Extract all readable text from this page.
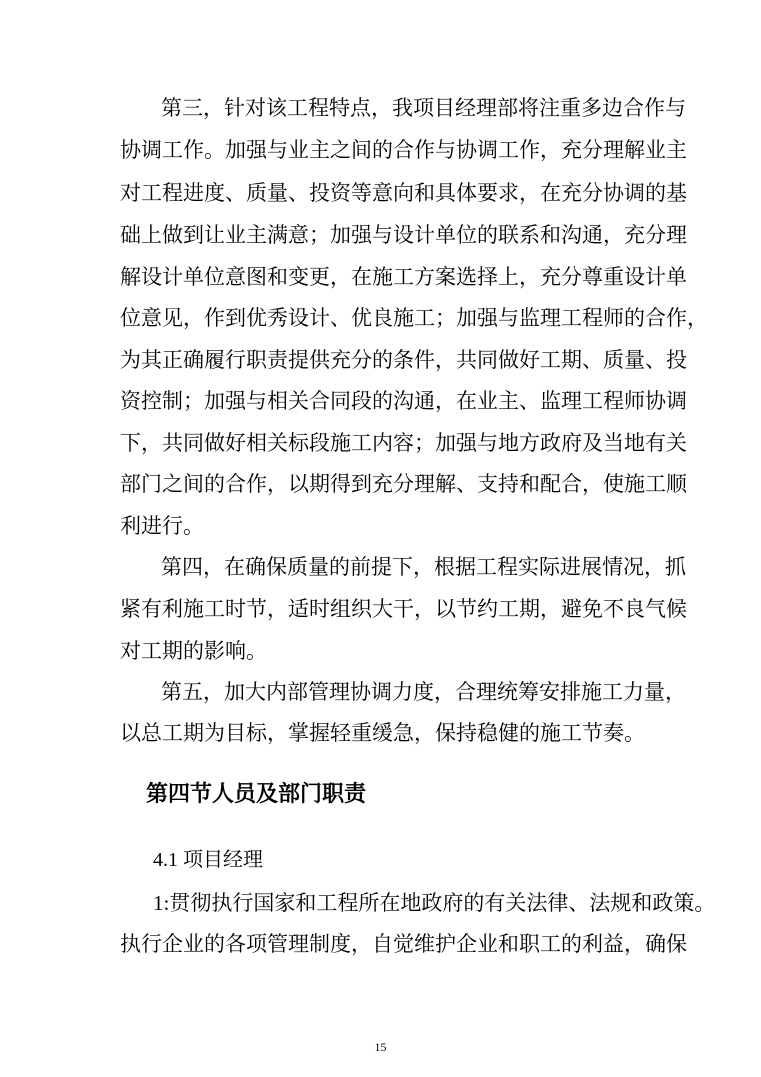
第三，针对该工程特点，我项目经理部将注重多边合作与
协调工作。加强与业主之间的合作与协调工作，充分理解业主
对工程进度、质量、投资等意向和具体要求，在充分协调的基
础上做到让业主满意；加强与设计单位的联系和沟通，充分理
解设计单位意图和变更，在施工方案选择上，充分尊重设计单
位意见，作到优秀设计、优良施工；加强与监理工程师的合作，
为其正确履行职责提供充分的条件，共同做好工期、质量、投
资控制；加强与相关合同段的沟通，在业主、监理工程师协调
下，共同做好相关标段施工内容；加强与地方政府及当地有关
部门之间的合作，以期得到充分理解、支持和配合，使施工顺
利进行。
第四，在确保质量的前提下，根据工程实际进展情况，抓
紧有利施工时节，适时组织大干，以节约工期，避免不良气候
对工期的影响。
第五，加大内部管理协调力度，合理统筹安排施工力量，
以总工期为目标，掌握轻重缓急，保持稳健的施工节奏。
第四节人员及部门职责
4.1 项目经理
1:贯彻执行国家和工程所在地政府的有关法律、法规和政策。
执行企业的各项管理制度，自觉维护企业和职工的利益，确保
15
